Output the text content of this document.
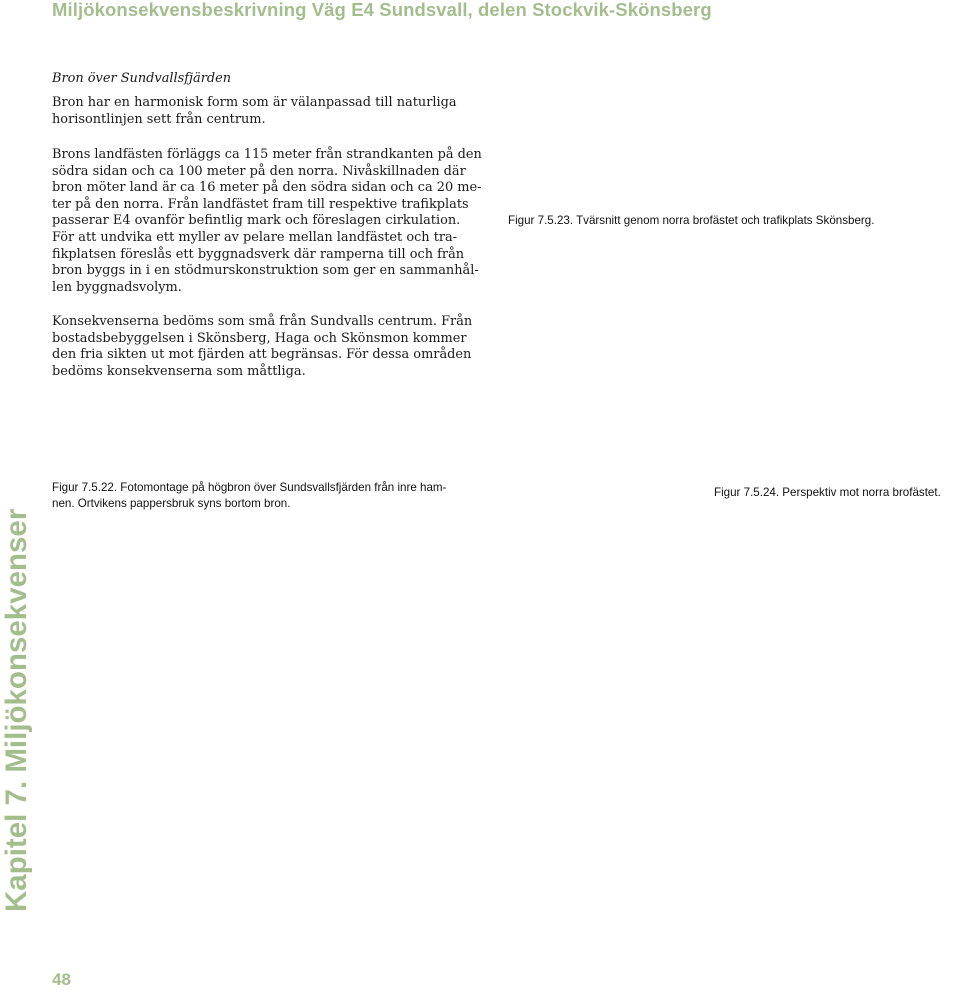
Miljökonsekvensbeskrivning Väg E4 Sundsvall, delen Stockvik-Skönsberg
Bron över Sundvallsfjärden
Bron har en harmonisk form som är välanpassad till naturliga
horisontlinjen sett från centrum.
Brons landfästen förläggs ca 115 meter från strandkanten på den
södra sidan och ca 100 meter på den norra. Nivåskillnaden där
bron möter land är ca 16 meter på den södra sidan och ca 20 me-
ter på den norra. Från landfästet fram till respektive trafikplats
passerar E4 ovanför befintlig mark och föreslagen cirkulation.
För att undvika ett myller av pelare mellan landfästet och tra-
fikplatsen föreslås ett byggnadsverk där ramperna till och från
bron byggs in i en stödmurskonstruktion som ger en sammanhål-
len byggnadsvolym.
Konsekvenserna bedöms som små från Sundvalls centrum. Från
bostadsbebyggelsen i Skönsberg, Haga och Skönsmon kommer
den fria sikten ut mot fjärden att begränsas. För dessa områden
bedöms konsekvenserna som måttliga.
Figur 7.5.23. Tvärsnitt genom norra brofästet och trafikplats Skönsberg.
Figur 7.5.22. Fotomontage på högbron över Sundsvallsfjärden från inre ham-
nen. Ortvikens pappersbruk syns bortom bron.
Figur 7.5.24. Perspektiv mot norra brofästet.
Kapitel 7. Miljökonsekvenser
48
